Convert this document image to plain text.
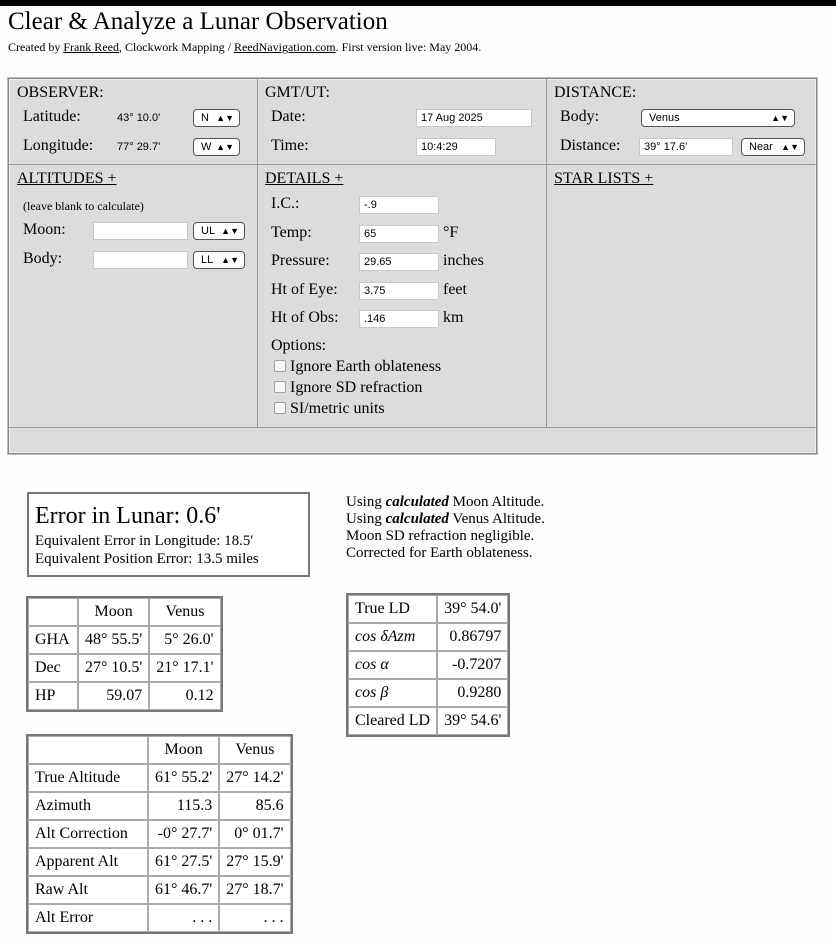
Clear & Analyze a Lunar Observation
Created by Frank Reed, Clockwork Mapping / ReedNavigation.com. First version live: May 2004.
OBSERVER:
Latitude:	43° 10.0'	N ▲▼
Longitude:	77° 29.7'	W ▲▼
GMT/UT:
Date:	17 Aug 2025
Time:	10:4:29
DISTANCE:
Body:	Venus	▲▼
Distance:	39° 17.6'	Near ▲▼
ALTITUDES +
(leave blank to calculate)
Moon:	UL ▲▼
Body:	LL ▲▼
DETAILS +
I.C.:	-.9
Temp:	65	°F
Pressure:	29.65	inches
Ht of Eye:	3.75	feet
Ht of Obs:	.146	km
Options:
Ignore Earth oblateness
Ignore SD refraction
SI/metric units
STAR LISTS +
Error in Lunar: 0.6'
Equivalent Error in Longitude: 18.5'
Equivalent Position Error: 13.5 miles
Using calculated Moon Altitude.
Using calculated Venus Altitude.
Moon SD refraction negligible.
Corrected for Earth oblateness.
	Moon	Venus
GHA	48° 55.5'	5° 26.0'
Dec	27° 10.5'	21° 17.1'
HP	59.07	0.12
	Moon	Venus
True Altitude	61° 55.2'	27° 14.2'
Azimuth	115.3	85.6
Alt Correction	-0° 27.7'	0° 01.7'
Apparent Alt	61° 27.5'	27° 15.9'
Raw Alt	61° 46.7'	27° 18.7'
Alt Error	. . .	. . .
True LD	39° 54.0'
cos δAzm	0.86797
cos α	-0.7207
cos β	0.9280
Cleared LD	39° 54.6'
